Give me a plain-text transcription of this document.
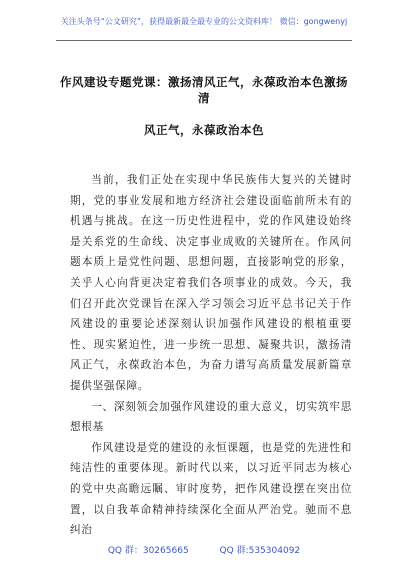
关注头条号“公文研究”，获得最新最全最专业的公文资料库！ 微信：gongwenyj
作风建设专题党课：激扬清风正气，永葆政治本色激扬清
风正气，永葆政治本色

当前，我们正处在实现中华民族伟大复兴的关键时期，党的事业发展和地方经济社会建设面临前所未有的机遇与挑战。在这一历史性进程中，党的作风建设始终是关系党的生命线、决定事业成败的关键所在。作风问题本质上是党性问题、思想问题，直接影响党的形象，关乎人心向背更决定着我们各项事业的成效。今天，我们召开此次党课旨在深入学习领会习近平总书记关于作风建设的重要论述深刻认识加强作风建设的根植重要性、现实紧迫性，进一步统一思想、凝聚共识，激扬清风正气，永葆政治本色，为奋力谱写高质量发展新篇章提供坚强保障。

一、深刻领会加强作风建设的重大意义，切实筑牢思想根基

作风建设是党的建设的永恒课题，也是党的先进性和纯洁性的重要体现。新时代以来，以习近平同志为核心的党中央高瞻远瞩、审时度势，把作风建设摆在突出位置，以自我革命精神持续深化全面从严治党。驰而不息纠治

QQ 群：30265665	QQ 群:535304092
